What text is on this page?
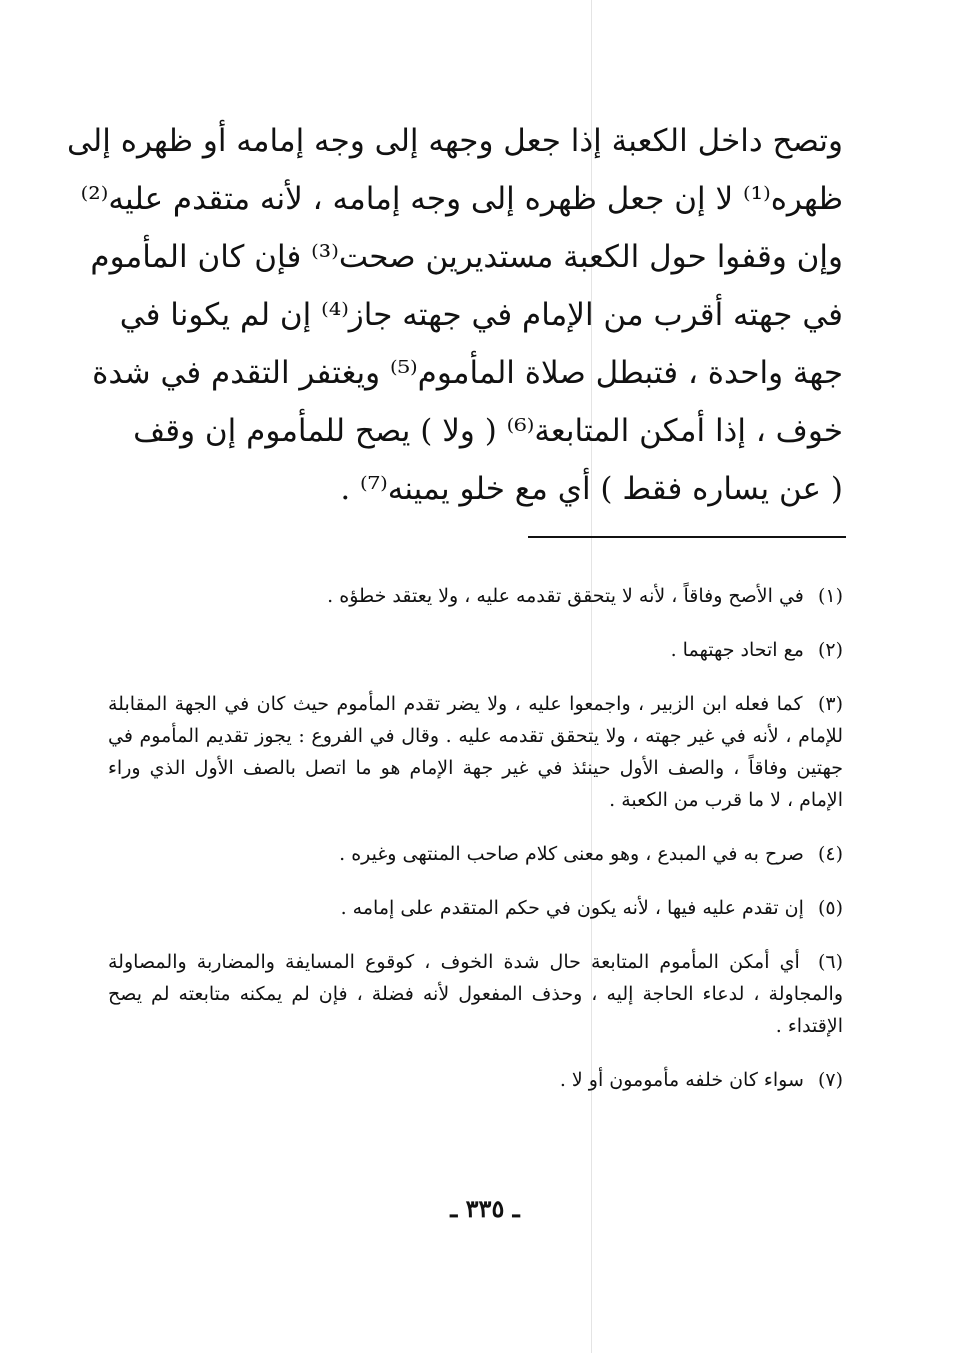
وتصح داخل الكعبة إذا جعل وجهه إلى وجه إمامه أو ظهره إلى
ظهره⁽¹⁾ لا إن جعل ظهره إلى وجه إمامه ، لأنه متقدم عليه⁽²⁾
وإن وقفوا حول الكعبة مستديرين صحت⁽³⁾ فإن كان المأموم
في جهته أقرب من الإمام في جهته جاز⁽⁴⁾ إن لم يكونا في
جهة واحدة ، فتبطل صلاة المأموم⁽⁵⁾ ويغتفر التقدم في شدة
خوف ، إذا أمكن المتابعة⁽⁶⁾ ( ولا ) يصح للمأموم إن وقف
( عن يساره فقط ) أي مع خلو يمينه⁽⁷⁾ .
(١) في الأصح وفاقاً ، لأنه لا يتحقق تقدمه عليه ، ولا يعتقد خطؤه .
(٢) مع اتحاد جهتهما .
(٣) كما فعله ابن الزبير ، واجمعوا عليه ، ولا يضر تقدم المأموم حيث كان في الجهة المقابلة للإمام ، لأنه في غير جهته ، ولا يتحقق تقدمه عليه . وقال في الفروع : يجوز تقديم المأموم في جهتين وفاقاً ، والصف الأول حينئذ في غير جهة الإمام هو ما اتصل بالصف الأول الذي وراء الإمام ، لا ما قرب من الكعبة .
(٤) صرح به في المبدع ، وهو معنى كلام صاحب المنتهى وغيره .
(٥) إن تقدم عليه فيها ، لأنه يكون في حكم المتقدم على إمامه .
(٦) أي أمكن المأموم المتابعة حال شدة الخوف ، كوقوع المسايفة والمضاربة والمصاولة والمجاولة ، لدعاء الحاجة إليه ، وحذف المفعول لأنه فضلة ، فإن لم يمكنه متابعته لم يصح الإقتداء .
(٧) سواء كان خلفه مأمومون أو لا .
ـ ٣٣٥ ـ
